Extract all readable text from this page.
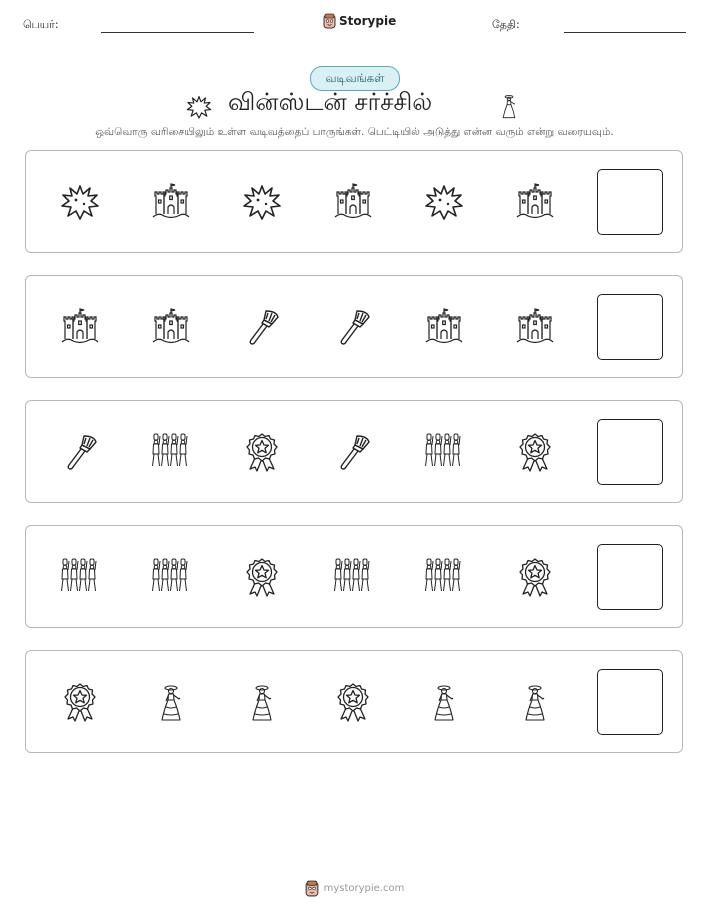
பெயர்:	Storypie	தேதி:
வடிவங்கள்
வின்ஸ்டன் சர்ச்சில்
ஒவ்வொரு வரிசையிலும் உள்ள வடிவத்தைப் பாருங்கள். பெட்டியில் அடுத்து என்ன வரும் என்று வரையவும்.
mystorypie.com
